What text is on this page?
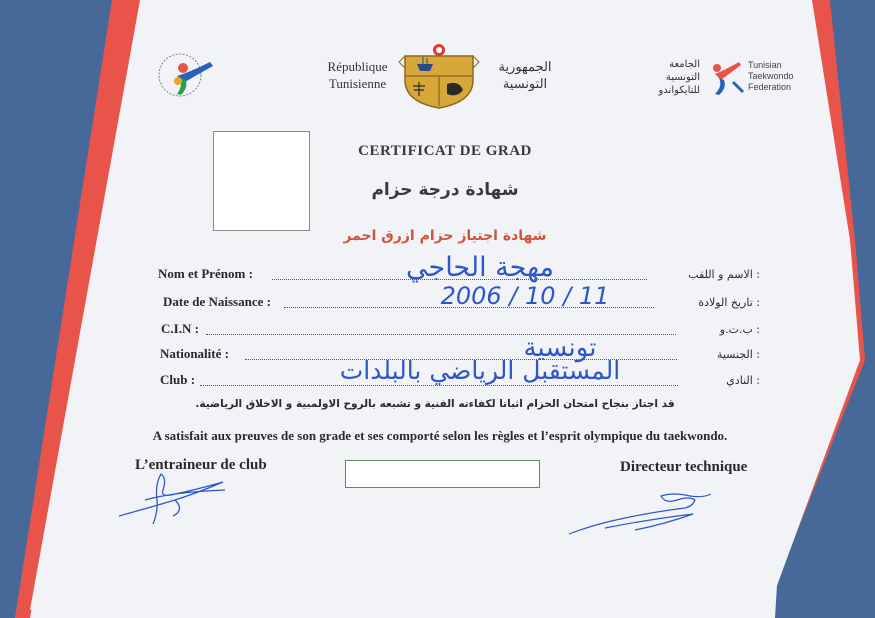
République
Tunisienne
الجمهورية
التونسية
الجامعة
التونسية
للتايكواندو
Tunisian
Taekwondo
Federation
CERTIFICAT DE GRAD
شهادة درجة حزام
شهادة اجتياز حزام ازرق احمر
Nom et Prénom :	: الاسم و اللقب
مهجة الحاجي
Date de Naissance :	: تاريخ الولادة
2006 / 10 / 11
C.I.N :	: ب.ت.و
Nationalité :	: الجنسية
تونسية
Club :	: النادي
المستقبل الرياضي بالبلدات
قد اجتاز بنجاح امتحان الحزام اثباتا لكفاءته الفنية و تشبعه بالروح الاولمبية و الاخلاق الرياضية.
A satisfait aux preuves de son grade et ses comporté selon les règles et l’esprit olympique du taekwondo.
L’entraineur de club	Directeur technique
